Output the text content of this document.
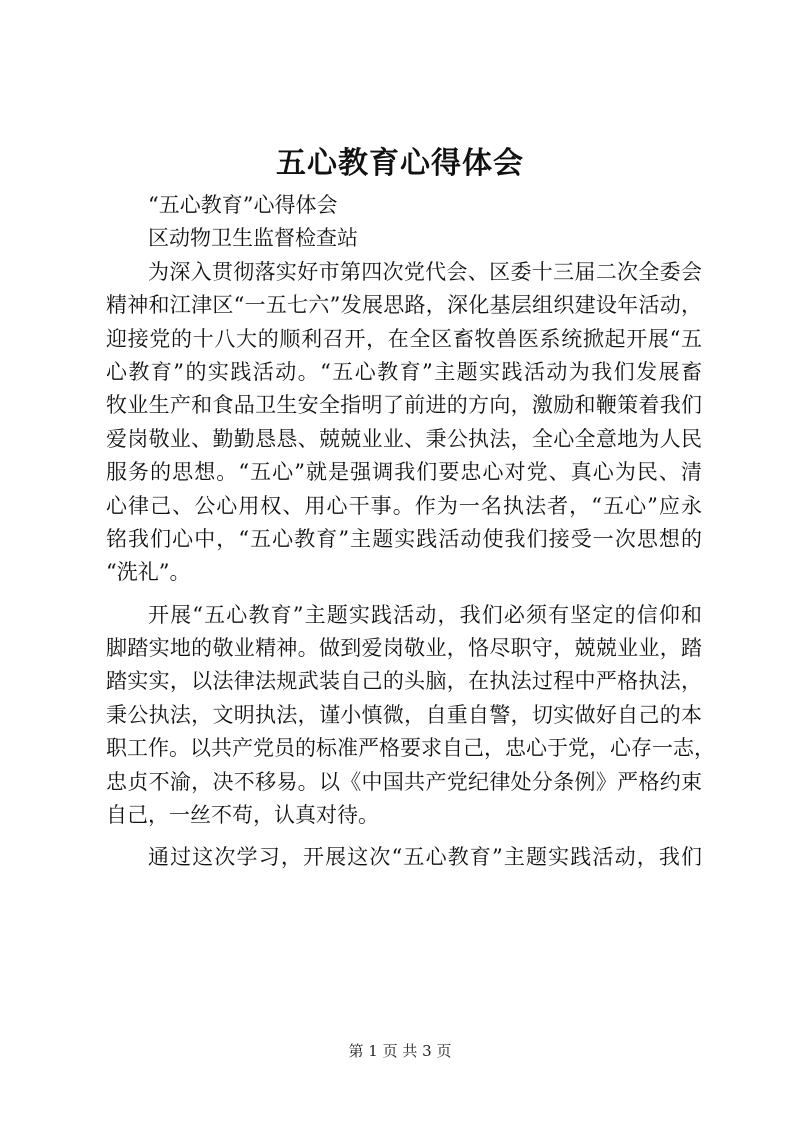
五心教育心得体会
“五心教育”心得体会
区动物卫生监督检查站
为深入贯彻落实好市第四次党代会、区委十三届二次全委会
精神和江津区“一五七六”发展思路，深化基层组织建设年活动，
迎接党的十八大的顺利召开，在全区畜牧兽医系统掀起开展“五
心教育”的实践活动。“五心教育”主题实践活动为我们发展畜
牧业生产和食品卫生安全指明了前进的方向，激励和鞭策着我们
爱岗敬业、勤勤恳恳、兢兢业业、秉公执法，全心全意地为人民
服务的思想。“五心”就是强调我们要忠心对党、真心为民、清
心律己、公心用权、用心干事。作为一名执法者，“五心”应永
铭我们心中，“五心教育”主题实践活动使我们接受一次思想的
“洗礼”。
开展“五心教育”主题实践活动，我们必须有坚定的信仰和
脚踏实地的敬业精神。做到爱岗敬业，恪尽职守，兢兢业业，踏
踏实实，以法律法规武装自己的头脑，在执法过程中严格执法，
秉公执法，文明执法，谨小慎微，自重自警，切实做好自己的本
职工作。以共产党员的标准严格要求自己，忠心于党，心存一志，
忠贞不渝，决不移易。以《中国共产党纪律处分条例》严格约束
自己，一丝不苟，认真对待。
通过这次学习，开展这次“五心教育”主题实践活动，我们
第 1 页 共 3 页
